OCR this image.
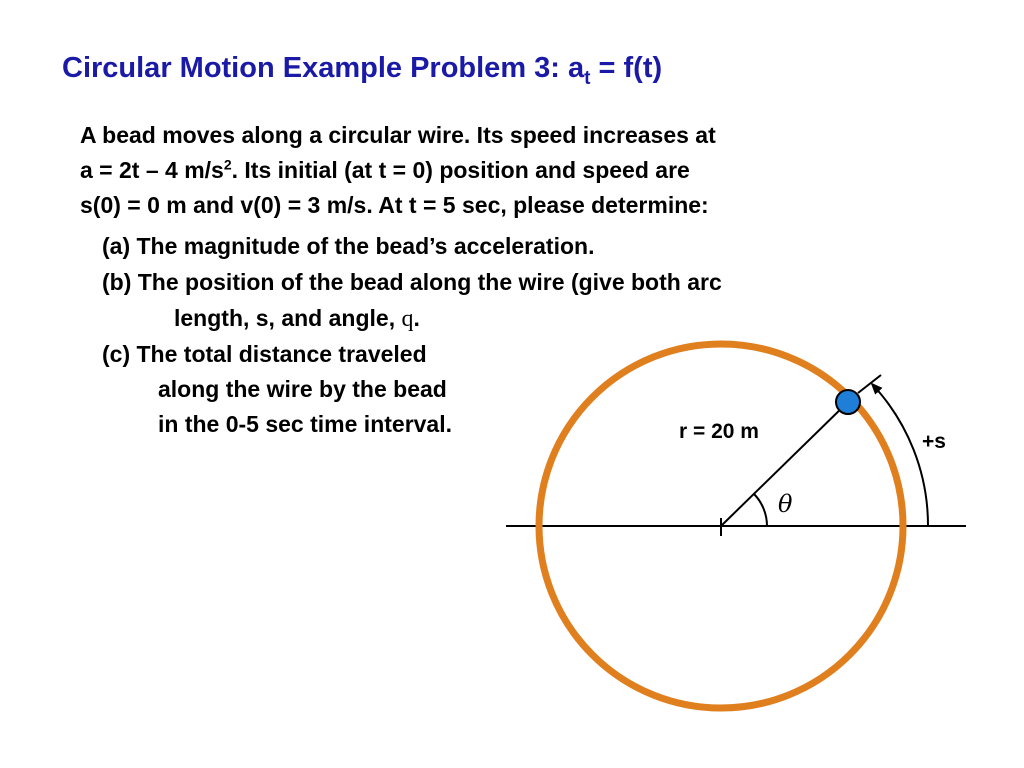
Circular Motion Example Problem 3: $a_t = f(t)$

A bead moves along a circular wire. Its speed increases at
a = 2t – 4 $m/s^2$. Its initial (at t = 0) position and speed are
s(0) = 0 m and v(0) = 3 m/s. At t = 5 sec, please determine:

(a) The magnitude of the bead’s acceleration.

(b) The position of the bead along the wire (give both arc

length, s, and angle, q.

(c) The total distance traveled

along the wire by the bead

in the 0-5 sec time interval.	r = 20 m	+s
θ
